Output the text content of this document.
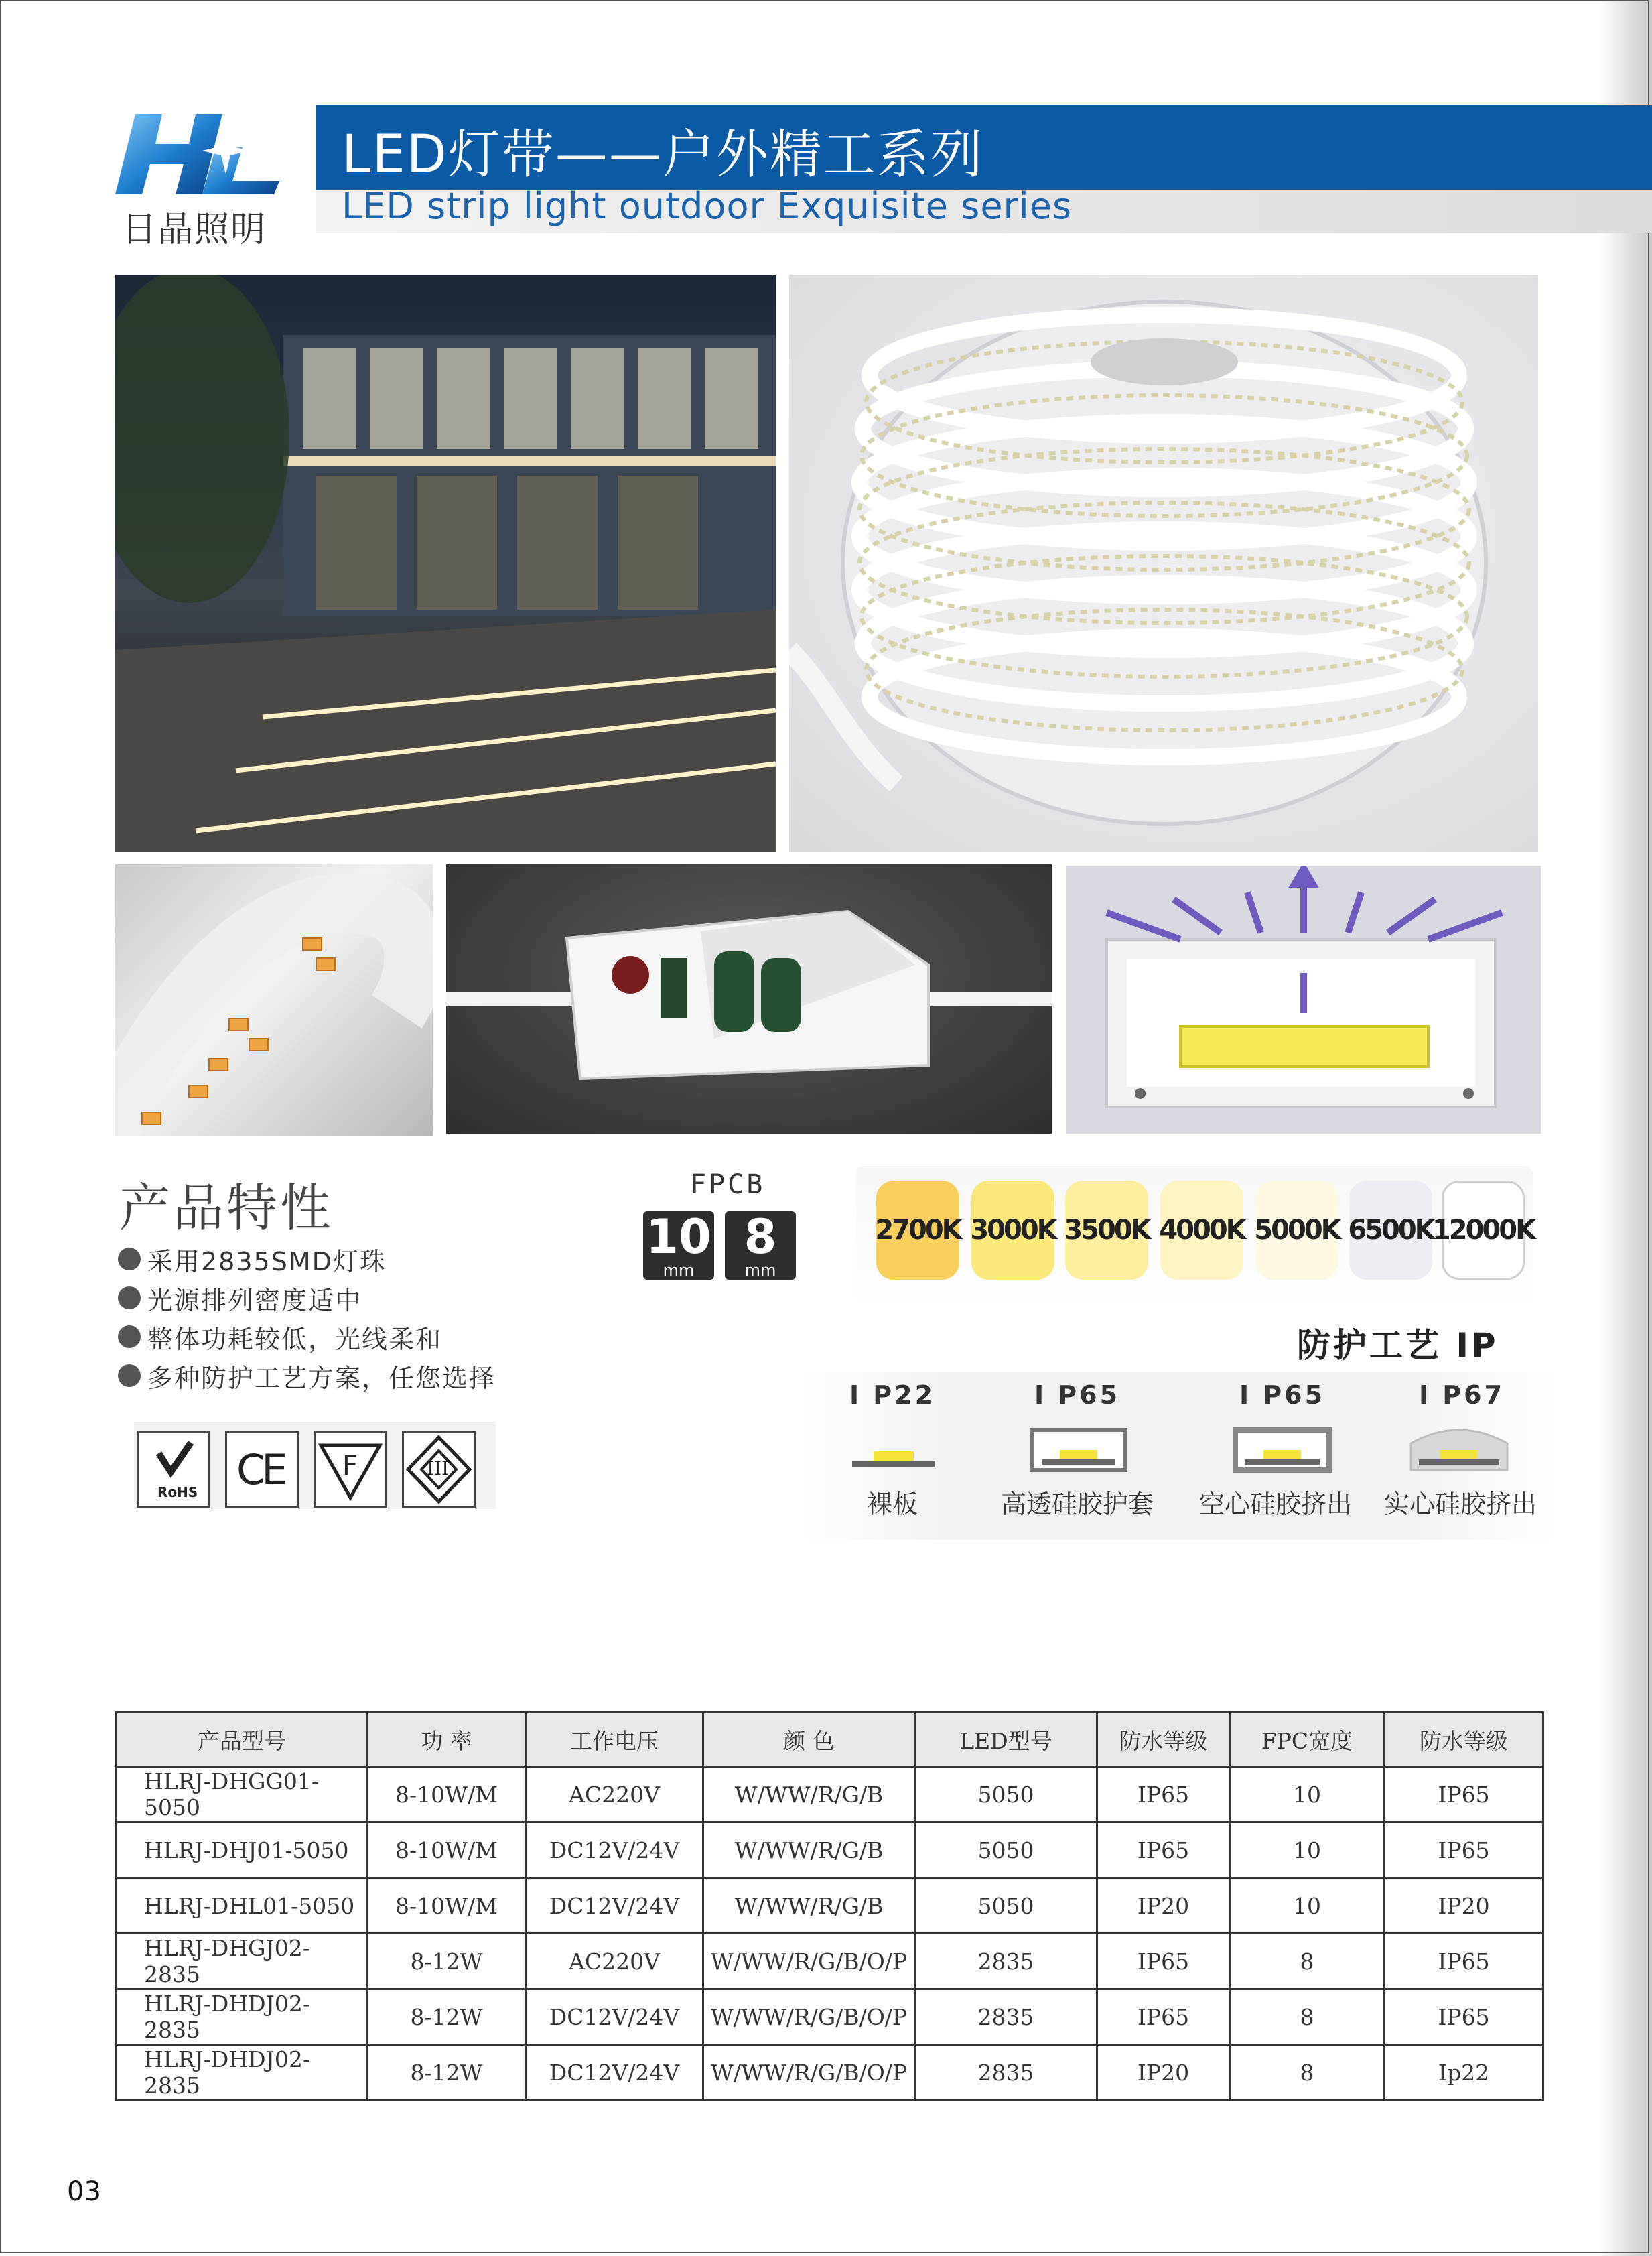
日晶照明
LED灯带——户外精工系列
LED strip light outdoor Exquisite series
产品特性
采用2835SMD灯珠
光源排列密度适中
整体功耗较低，光线柔和
多种防护工艺方案，任您选择
RoHS CE F	III
FPCB
10
mm
8
mm
2700K 3000K 3500K 4000K 5000K 6500K
12000K
防护工艺 IP
I P22	I P65	I P65	I P67
裸板	高透硅胶护套	空心硅胶挤出	实心硅胶挤出
产品型号	功 率	工作电压	颜 色	LED型号	防水等级	FPC宽度	防水等级
HLRJ-DHGG01-5050	8-10W/M	AC220V	W/WW/R/G/B	5050	IP65	10	IP65
HLRJ-DHJ01-5050	8-10W/M	DC12V/24V	W/WW/R/G/B	5050	IP65	10	IP65
HLRJ-DHL01-5050	8-10W/M	DC12V/24V	W/WW/R/G/B	5050	IP20	10	IP20
HLRJ-DHGJ02-2835	8-12W	AC220V	W/WW/R/G/B/O/P	2835	IP65	8	IP65
HLRJ-DHDJ02-2835	8-12W	DC12V/24V	W/WW/R/G/B/O/P	2835	IP65	8	IP65
HLRJ-DHDJ02-2835	8-12W	DC12V/24V	W/WW/R/G/B/O/P	2835	IP20	8	Ip22
03
